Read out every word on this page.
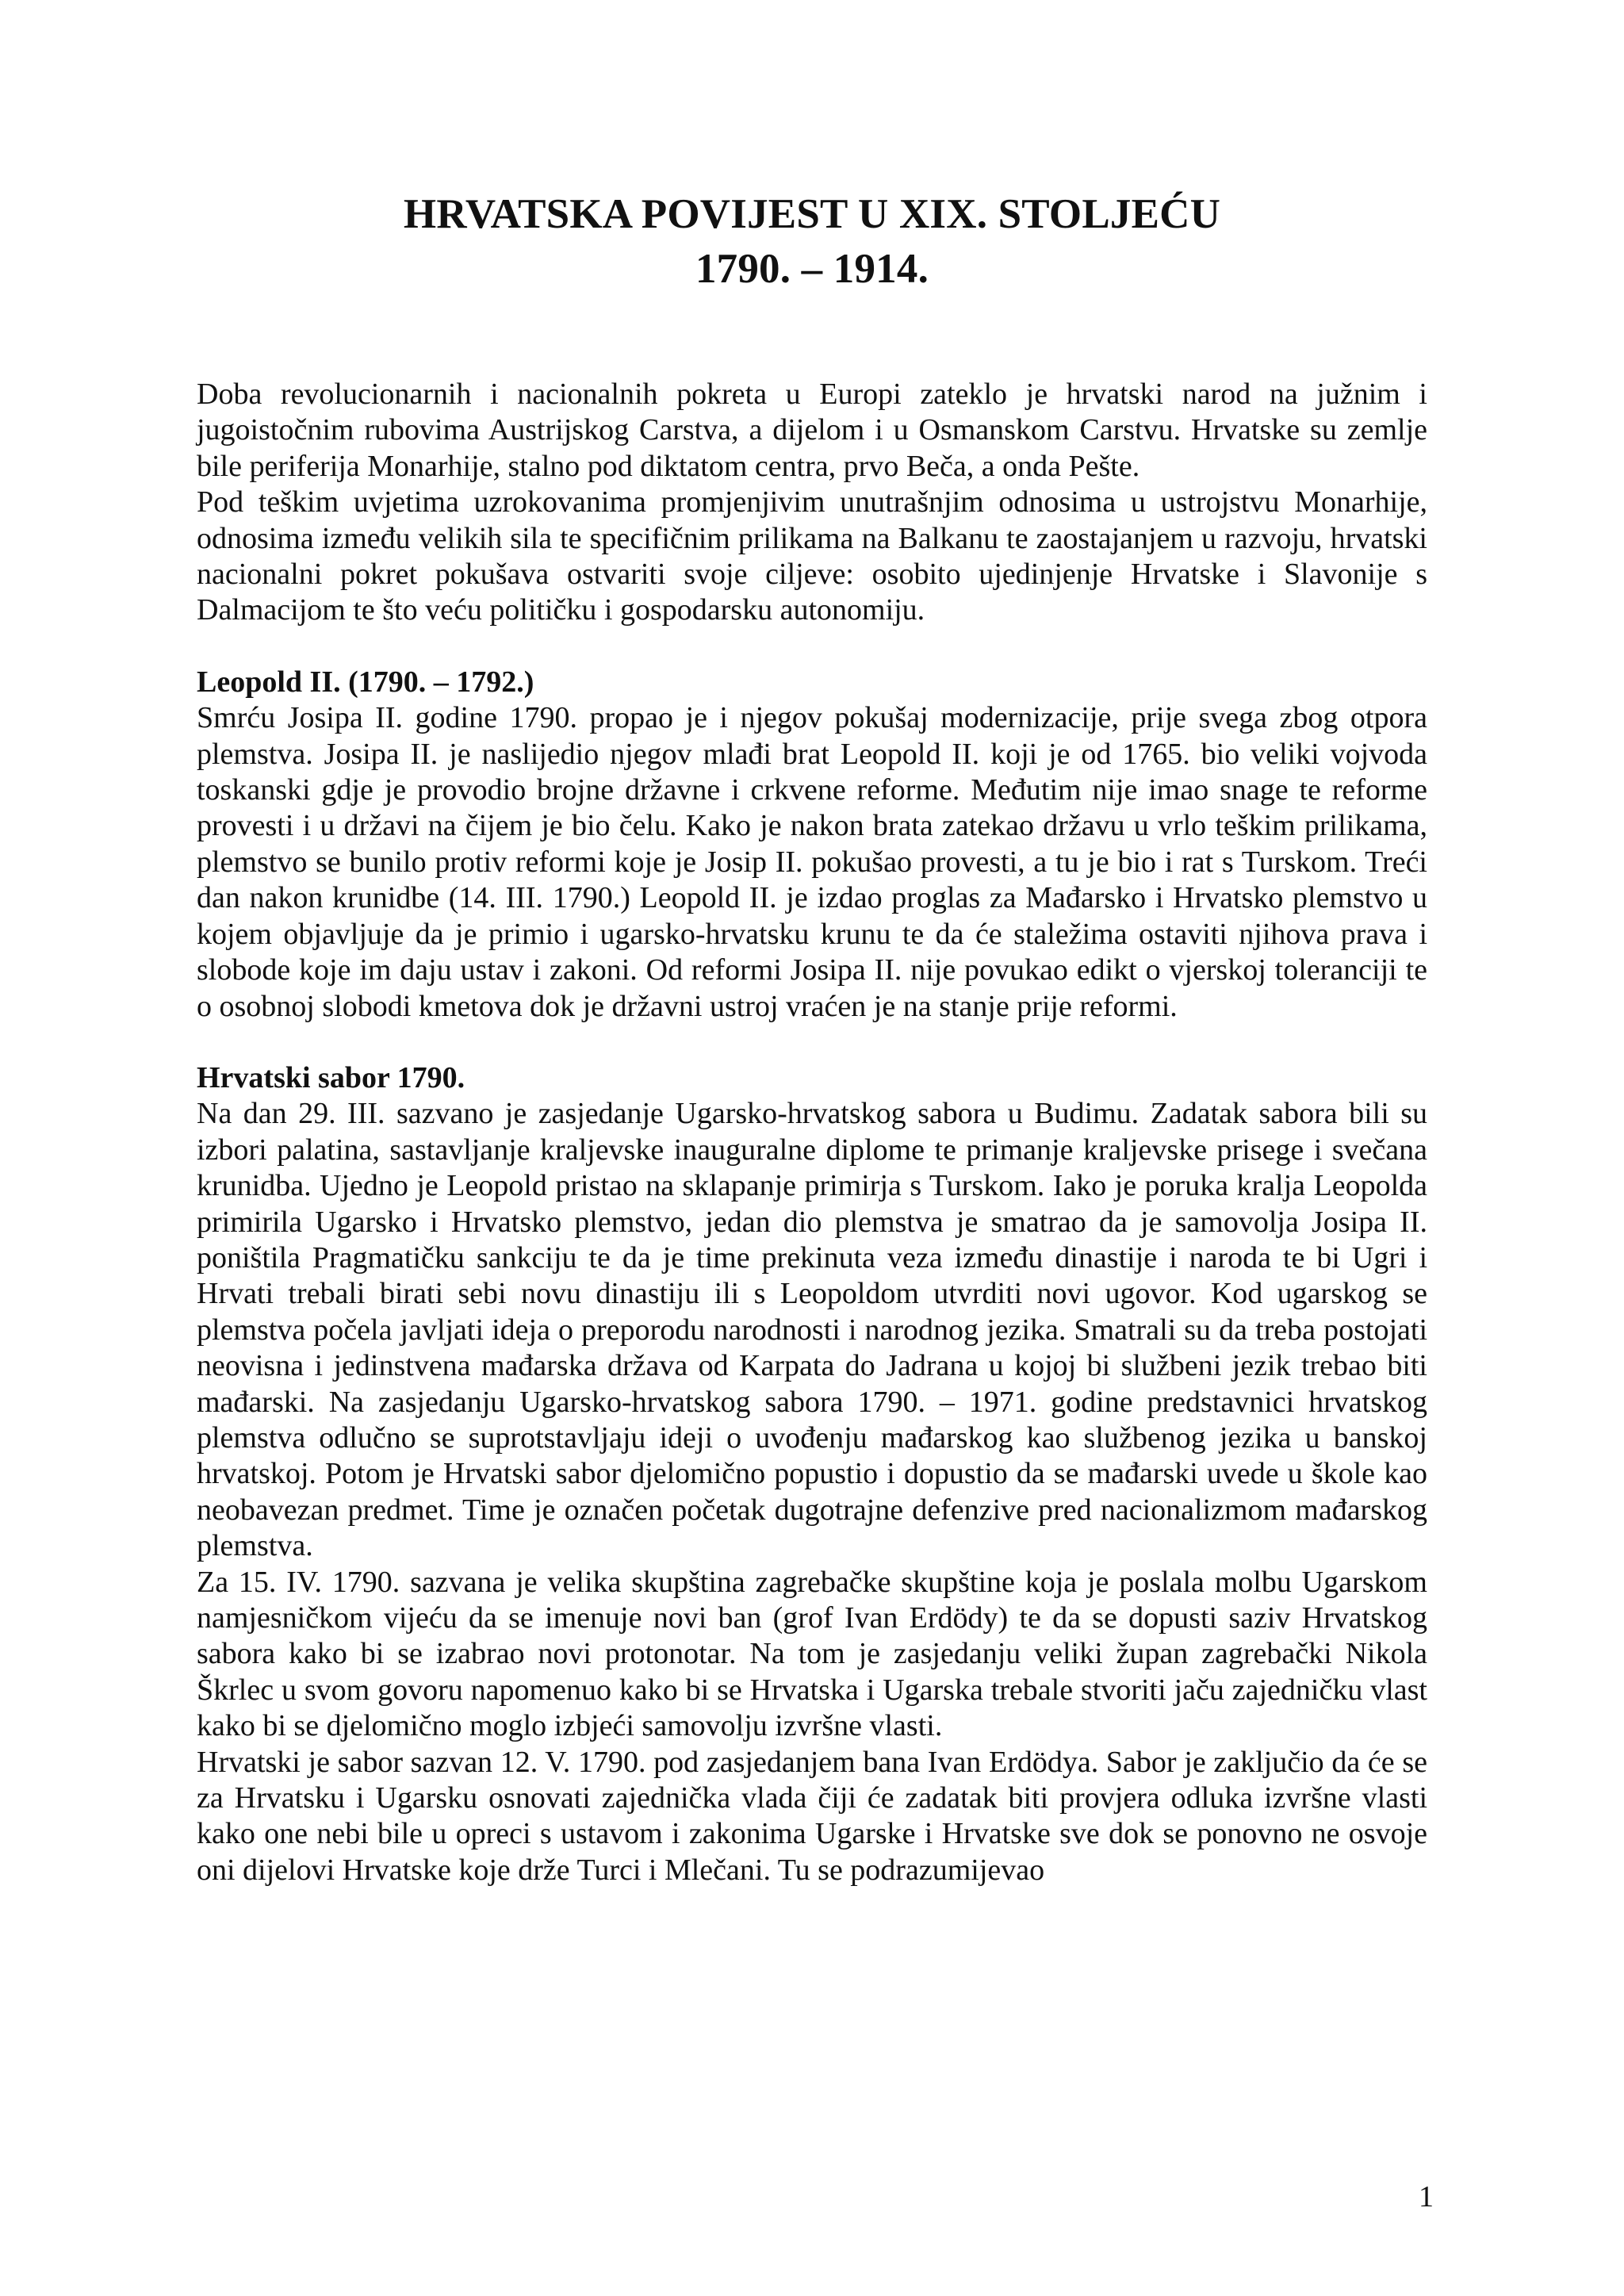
HRVATSKA POVIJEST U XIX. STOLJEĆU
1790. – 1914.

Doba revolucionarnih i nacionalnih pokreta u Europi zateklo je hrvatski narod na južnim i jugoistočnim rubovima Austrijskog Carstva, a dijelom i u Osmanskom Carstvu. Hrvatske su zemlje bile periferija Monarhije, stalno pod diktatom centra, prvo Beča, a onda Pešte.

Pod teškim uvjetima uzrokovanima promjenjivim unutrašnjim odnosima u ustrojstvu Monarhije, odnosima između velikih sila te specifičnim prilikama na Balkanu te zaostajanjem u razvoju, hrvatski nacionalni pokret pokušava ostvariti svoje ciljeve: osobito ujedinjenje Hrvatske i Slavonije s Dalmacijom te što veću političku i gospodarsku autonomiju.

Leopold II. (1790. – 1792.)

Smrću Josipa II. godine 1790. propao je i njegov pokušaj modernizacije, prije svega zbog otpora plemstva. Josipa II. je naslijedio njegov mlađi brat Leopold II. koji je od 1765. bio veliki vojvoda toskanski gdje je provodio brojne državne i crkvene reforme. Međutim nije imao snage te reforme provesti i u državi na čijem je bio čelu. Kako je nakon brata zatekao državu u vrlo teškim prilikama, plemstvo se bunilo protiv reformi koje je Josip II. pokušao provesti, a tu je bio i rat s Turskom. Treći dan nakon krunidbe (14. III. 1790.) Leopold II. je izdao proglas za Mađarsko i Hrvatsko plemstvo u kojem objavljuje da je primio i ugarsko-hrvatsku krunu te da će staležima ostaviti njihova prava i slobode koje im daju ustav i zakoni. Od reformi Josipa II. nije povukao edikt o vjerskoj toleranciji te o osobnoj slobodi kmetova dok je državni ustroj vraćen je na stanje prije reformi.

Hrvatski sabor 1790.

Na dan 29. III. sazvano je zasjedanje Ugarsko-hrvatskog sabora u Budimu. Zadatak sabora bili su izbori palatina, sastavljanje kraljevske inauguralne diplome te primanje kraljevske prisege i svečana krunidba. Ujedno je Leopold pristao na sklapanje primirja s Turskom. Iako je poruka kralja Leopolda primirila Ugarsko i Hrvatsko plemstvo, jedan dio plemstva je smatrao da je samovolja Josipa II. poništila Pragmatičku sankciju te da je time prekinuta veza između dinastije i naroda te bi Ugri i Hrvati trebali birati sebi novu dinastiju ili s Leopoldom utvrditi novi ugovor. Kod ugarskog se plemstva počela javljati ideja o preporodu narodnosti i narodnog jezika. Smatrali su da treba postojati neovisna i jedinstvena mađarska država od Karpata do Jadrana u kojoj bi službeni jezik trebao biti mađarski. Na zasjedanju Ugarsko-hrvatskog sabora 1790. – 1971. godine predstavnici hrvatskog plemstva odlučno se suprotstavljaju ideji o uvođenju mađarskog kao službenog jezika u banskoj hrvatskoj. Potom je Hrvatski sabor djelomično popustio i dopustio da se mađarski uvede u škole kao neobavezan predmet. Time je označen početak dugotrajne defenzive pred nacionalizmom mađarskog plemstva.

Za 15. IV. 1790. sazvana je velika skupština zagrebačke skupštine koja je poslala molbu Ugarskom namjesničkom vijeću da se imenuje novi ban (grof Ivan Erdödy) te da se dopusti saziv Hrvatskog sabora kako bi se izabrao novi protonotar. Na tom je zasjedanju veliki župan zagrebački Nikola Škrlec u svom govoru napomenuo kako bi se Hrvatska i Ugarska trebale stvoriti jaču zajedničku vlast kako bi se djelomično moglo izbjeći samovolju izvršne vlasti.

Hrvatski je sabor sazvan 12. V. 1790. pod zasjedanjem bana Ivan Erdödya. Sabor je zaključio da će se za Hrvatsku i Ugarsku osnovati zajednička vlada čiji će zadatak biti provjera odluka izvršne vlasti kako one nebi bile u opreci s ustavom i zakonima Ugarske i Hrvatske sve dok se ponovno ne osvoje oni dijelovi Hrvatske koje drže Turci i Mlečani. Tu se podrazumijevao

1
